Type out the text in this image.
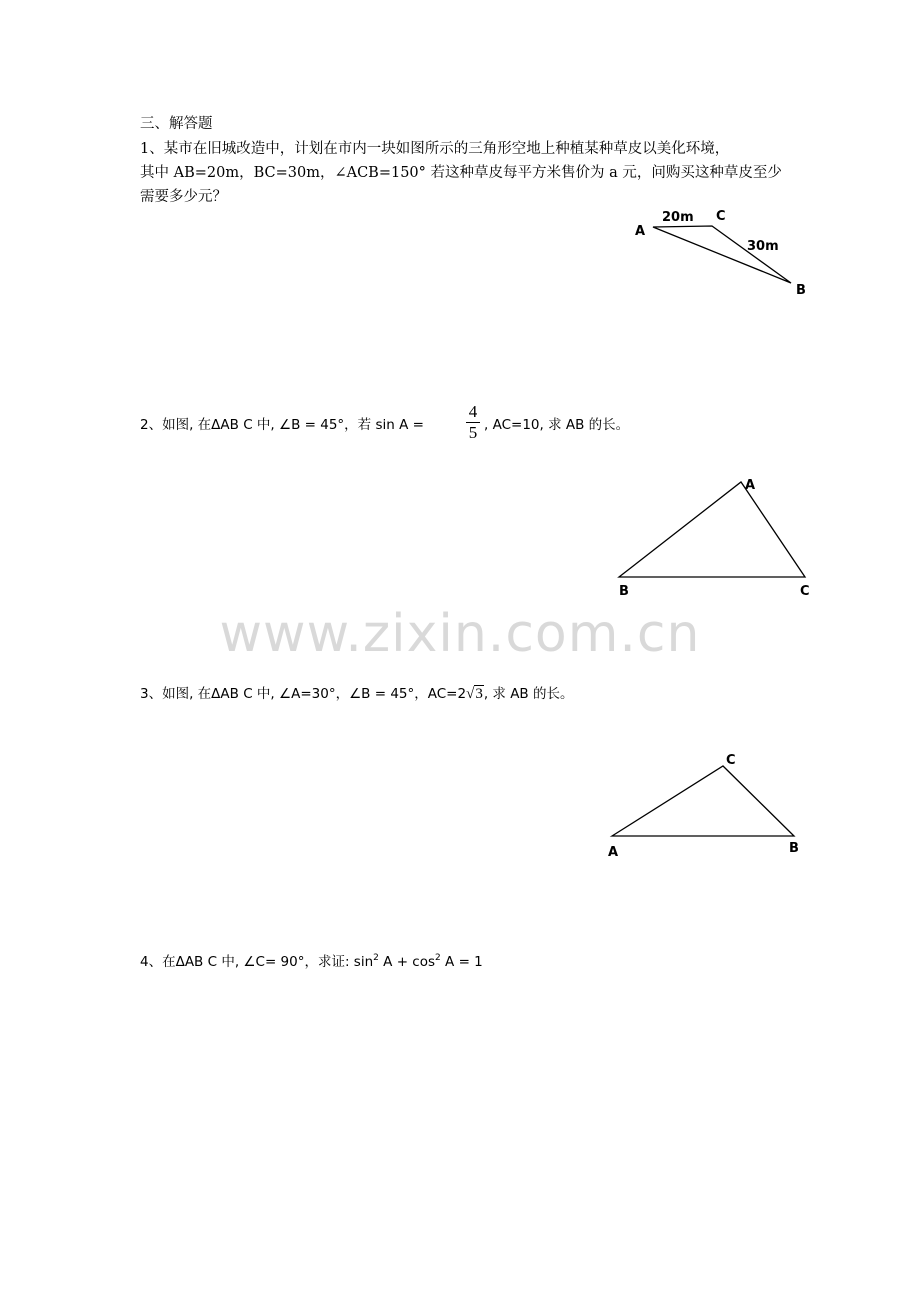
三、解答题
1、某市在旧城改造中，计划在市内一块如图所示的三角形空地上种植某种草皮以美化环境，
其中 AB=20m，BC=30m，∠ACB=150° 若这种草皮每平方米售价为 a 元，问购买这种草皮至少
需要多少元？
2、如图, 在ΔAB C 中, ∠B = 45°，若 sin A =
4
5 , AC=10, 求 AB 的长。
www.zixin.com.cn
3、如图, 在ΔAB C 中, ∠A=30°，∠B = 45°，AC=2√3, 求 AB 的长。
4、在ΔAB C 中, ∠C= 90°，求证: $\sin^2 A + \cos^2 A = 1$
A
B
C
20m
30m
A
B	C
A	B
C
